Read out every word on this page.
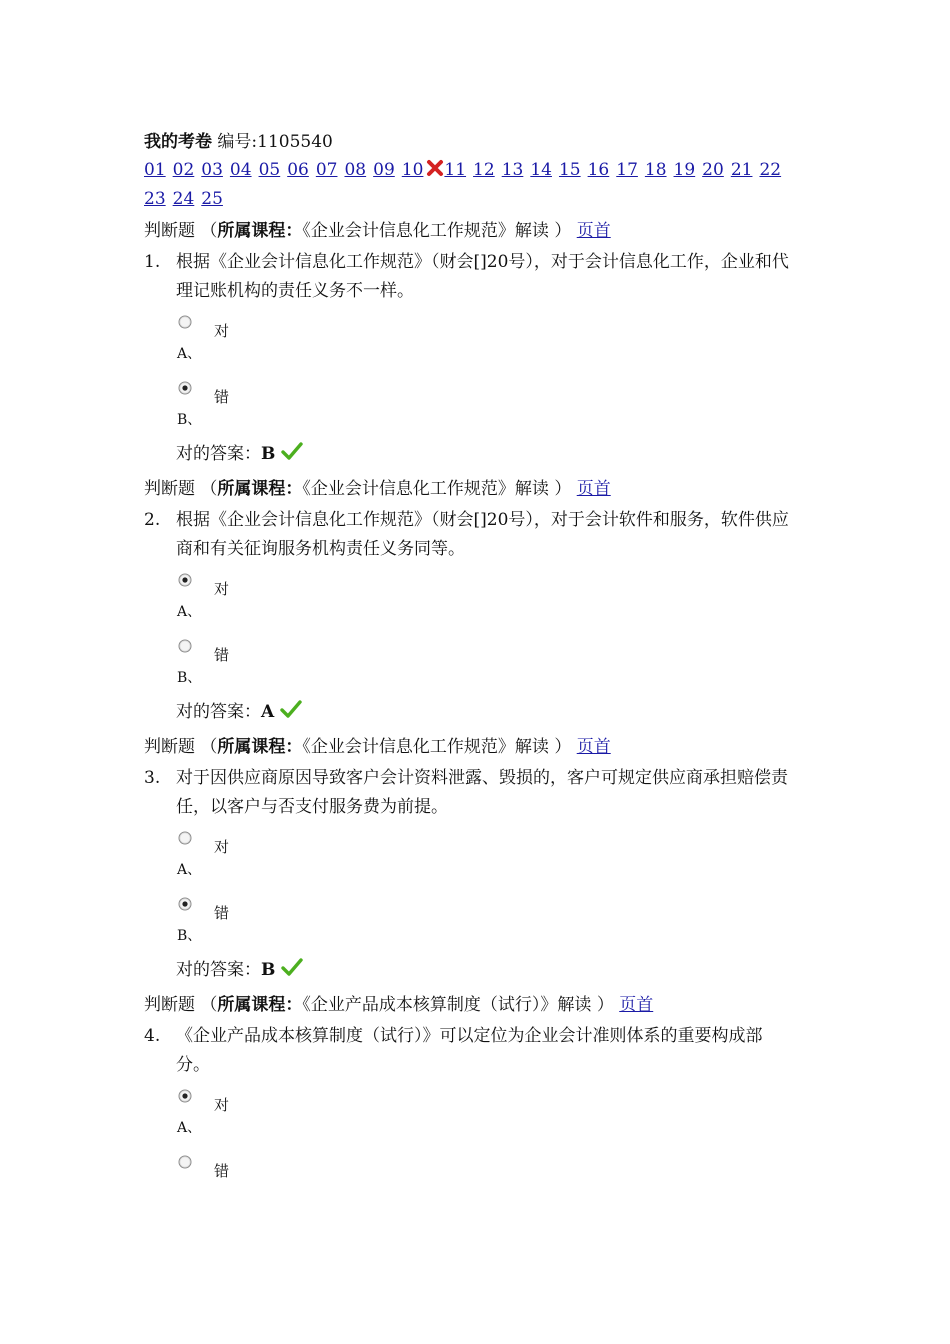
我的考卷 编号:1105540
01 02 03 04 05 06 07 08 09 10 11 12 13 14 15 16 17 18 19 20 21 22
23 24 25
判断题 （所属课程：《企业会计信息化工作规范》解读 ） 页首
1. 根据《企业会计信息化工作规范》（财会[]20号），对于会计信息化工作，企业和代理记账机构的责任义务不一样。
对
A、
错
B、
对的答案：B
判断题 （所属课程：《企业会计信息化工作规范》解读 ） 页首
2. 根据《企业会计信息化工作规范》（财会[]20号），对于会计软件和服务，软件供应商和有关征询服务机构责任义务同等。
对
A、
错
B、
对的答案：A
判断题 （所属课程：《企业会计信息化工作规范》解读 ） 页首
3. 对于因供应商原因导致客户会计资料泄露、毁损的，客户可规定供应商承担赔偿责任，以客户与否支付服务费为前提。
对
A、
错
B、
对的答案：B
判断题 （所属课程：《企业产品成本核算制度（试行）》解读 ） 页首
4. 《企业产品成本核算制度（试行）》可以定位为企业会计准则体系的重要构成部分。
对
A、
错
